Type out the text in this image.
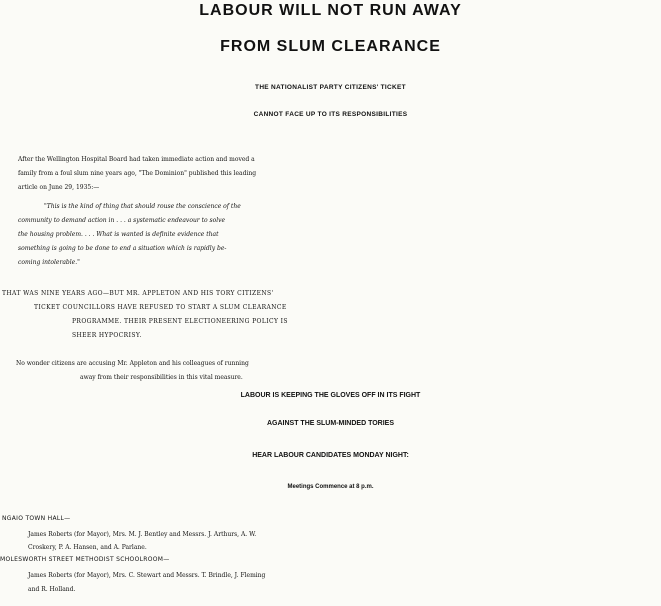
LABOUR WILL NOT RUN AWAY
FROM SLUM CLEARANCE
THE NATIONALIST PARTY CITIZENS' TICKET
CANNOT FACE UP TO ITS RESPONSIBILITIES
After the Wellington Hospital Board had taken immediate action and moved a
family from a foul slum nine years ago, "The Dominion" published this leading
article on June 29, 1935:—
"This is the kind of thing that should rouse the conscience of the
community to demand action in . . . a systematic endeavour to solve
the housing problem. . . . What is wanted is definite evidence that
something is going to be done to end a situation which is rapidly be-
coming intolerable."
THAT WAS NINE YEARS AGO—BUT MR. APPLETON AND HIS TORY CITIZENS'
TICKET COUNCILLORS HAVE REFUSED TO START A SLUM CLEARANCE
PROGRAMME. THEIR PRESENT ELECTIONEERING POLICY IS
SHEER HYPOCRISY.
No wonder citizens are accusing Mr. Appleton and his colleagues of running
away from their responsibilities in this vital measure.
LABOUR IS KEEPING THE GLOVES OFF IN ITS FIGHT
AGAINST THE SLUM-MINDED TORIES
HEAR LABOUR CANDIDATES MONDAY NIGHT:
Meetings Commence at 8 p.m.
NGAIO TOWN HALL—
James Roberts (for Mayor), Mrs. M. J. Bentley and Messrs. J. Arthurs, A. W.
Croskery, P. A. Hansen, and A. Parlane.
MOLESWORTH STREET METHODIST SCHOOLROOM—
James Roberts (for Mayor), Mrs. C. Stewart and Messrs. T. Brindle, J. Fleming
and R. Holland.
